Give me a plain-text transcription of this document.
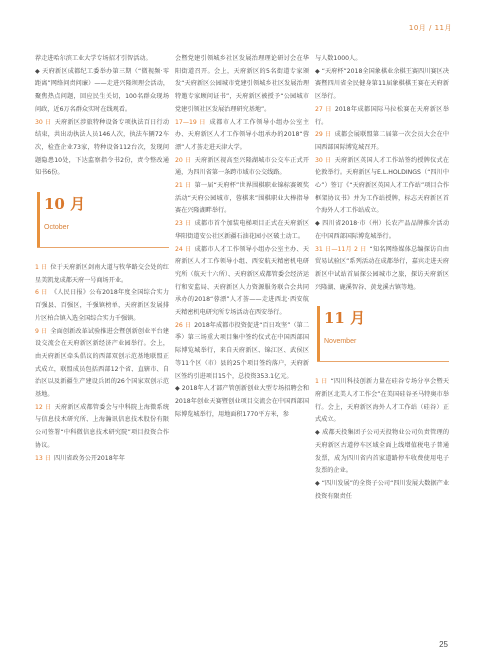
10月 / 11月

荐走进哈尔滨工业大学专场招才引智活动。

◆ 天府新区成都纪工委举办第三期（“微视频·零距离”网络问责问廉）——走进兴隆坝理会活动，聚焦热点问题，回应民生关切，100名群众现场问政，近6万名群众实时在线观看。

30 日  天府新区涉旅特种设备专项执法百日行动结束，共出动执法人员146人次，执法车辆72车次，检查企业73家，特种设备112台次，发现问题隐患10处，下达监察指令书2份，责令整改通知书6份。

10 月
October

1 日  位于天府新区剑南大道与牧华路交会处的红星美凯龙成都天府一号商场开业。

6 日  《人民日报》公布2018年度全国综合实力百强县、百强区，千强镇榜单，天府新区发展排片区柏合镇入选全国综合实力千强镇。

9 日  全面创新改革试验推进会暨创新创业平台建设交流会在天府新区新经济产业园举行。会上，由天府新区牵头倡议的西部双创示范基地联盟正式成立，联盟成员包括西部12个省、直辖市、自治区以及新疆生产建设兵团的26个国家双创示范基地。

12 日  天府新区成都管委会与中科院上海微系统与信息技术研究所、上海瀚讯信息技术股份有限公司签署“中科微信息技术研究院”项目投资合作协议。

13 日  四川省政务公开2018年年

会暨党建引领城乡社区发展治理理论研讨会在华阳街道召开。会上，天府新区的5名街道专家颁发“天府新区公园城市党建引领城乡社区发展治理特邀专家顾问证书”，天府新区被授予“公园城市党建引领社区发展治理研究基地”。

17—19 日  成都市人才工作领导小组办公室主办、天府新区人才工作领导小组承办的2018“蓉漂”人才荟走进天津大学。

20 日  天府新区视高至兴隆湖城市公交车正式开通，为四川省第一条跨市域市公交线路。

21 日  第一届“天府杯”世界围棋职业锦标赛颁奖活动“天府公园城市，蓉棋来”围棋职业大棒指导赛在兴隆湖畔举行。

23 日  成都市首个加装电梯项目正式在天府新区华阳街道安公社区新疆石油花园小区破土动工。

24 日  成都市人才工作领导小组办公室主办、天府新区人才工作领导小组、西安航天精密机电研究所（航天十六所）、天府新区成都管委会经济运行和安监局、天府新区人力资源服务联合会共同承办的2018“蓉漂”人才荟——走进西北·西安航天精密机电研究所专场活动在西安举行。

26 日  2018年成都市投资促进“百日攻坚”（第二季）第三场重大项目集中签约仪式在中国西部国际博览城举行，来自天府新区、锦江区、武侯区等11个区（市）县的25个项目签约落户，天府新区签约引进项目15个，总投资353.1亿元。

◆ 2018年人才部产管创新创业大型专场招聘会和2018年创业天赛暨创业项目交流会在中国西部国际博览城举行，用地面积1770平方米，参

与人数1000人。

◆ “天府杯”2018全国象棋业余棋王赛四川赛区决赛暨四川省全民健身第11届象棋棋王赛在天府新区举行。

27 日  2018年成都国际马拉松赛在天府新区举行。

29 日  成都会展联盟第二届第一次会员大会在中国西部国际博览城召开。

30 日  天府新区英国人才工作站签约授牌仪式在伦敦举行。天府新区与E.L.HOLDINGS（“四川中心”）签订《“天府新区英国人才工作站”项目合作框架协议书》并为工作站授牌，标志天府新区首个海外人才工作站成立。

◆ 四川省2018·市（州）长农产品品牌推介活动在中国西部国际博览城举行。

31 日—11月 2 日  “知名网络媒体总编探访自由贸易试验区”系列活动在成都举行，嘉宾走进天府新区中试站首届探公园城市之旅，探访天府新区兴隆湖、鹿溪智谷、黄龙溪古镇等地。

11 月
November

1 日  “四川科技创新力量在硅谷专场分享会暨天府新区北美人才工作会”在美国硅谷圣马特奥市举行。会上，天府新区海外人才工作站（硅谷）正式成立。

◆ 成都天投集团子公司天投物业公司负责管理的天府新区古道停车区域全面上线增值税电子普通发票，成为四川省内首家道路停车收费使用电子发票的企业。

◆ “四川发展”的全资子公司“四川发展大数据产业投资有限责任

25
